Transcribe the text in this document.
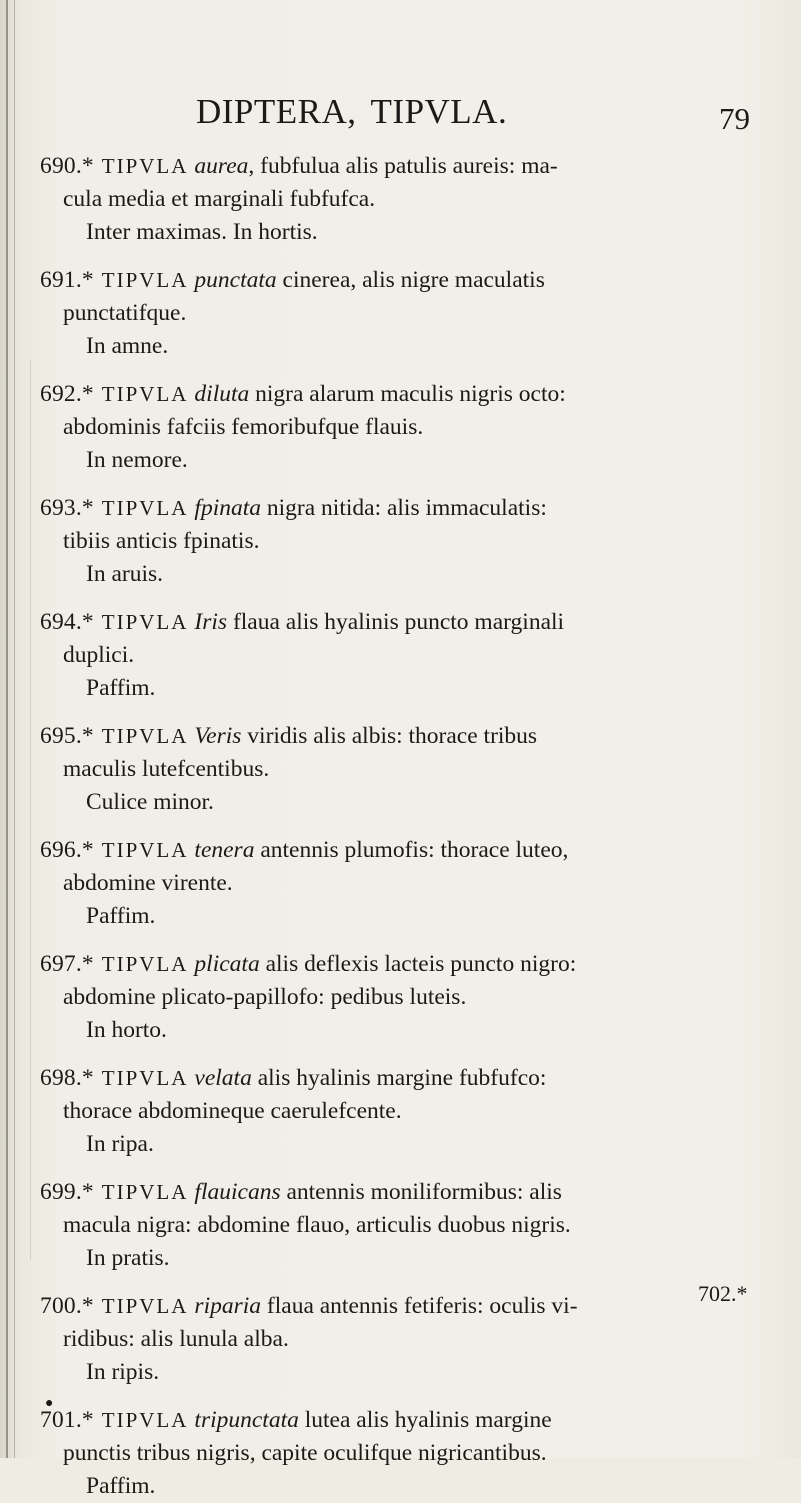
DIPTERA, TIPVLA.	79
690.* TIPVLA aurea, fubfulua alis patulis aureis: ma-
cula media et marginali fubfufca.
Inter maximas. In hortis.
691.* TIPVLA punctata cinerea, alis nigre maculatis
punctatifque.
In amne.
692.* TIPVLA diluta nigra alarum maculis nigris octo:
abdominis fafciis femoribufque flauis.
In nemore.
693.* TIPVLA fpinata nigra nitida: alis immaculatis:
tibiis anticis fpinatis.
In aruis.
694.* TIPVLA Iris flaua alis hyalinis puncto marginali
duplici.
Paffim.
695.* TIPVLA Veris viridis alis albis: thorace tribus
maculis lutefcentibus.
Culice minor.
696.* TIPVLA tenera antennis plumofis: thorace luteo,
abdomine virente.
Paffim.
697.* TIPVLA plicata alis deflexis lacteis puncto nigro:
abdomine plicato-papillofo: pedibus luteis.
In horto.
698.* TIPVLA velata alis hyalinis margine fubfufco:
thorace abdomineque caerulefcente.
In ripa.
699.* TIPVLA flauicans antennis moniliformibus: alis
macula nigra: abdomine flauo, articulis duobus nigris.
In pratis.
700.* TIPVLA riparia flaua antennis fetiferis: oculis vi-
ridibus: alis lunula alba.
In ripis.
701.* TIPVLA tripunctata lutea alis hyalinis margine
punctis tribus nigris, capite oculifque nigricantibus.
Paffim.
702.*
●
